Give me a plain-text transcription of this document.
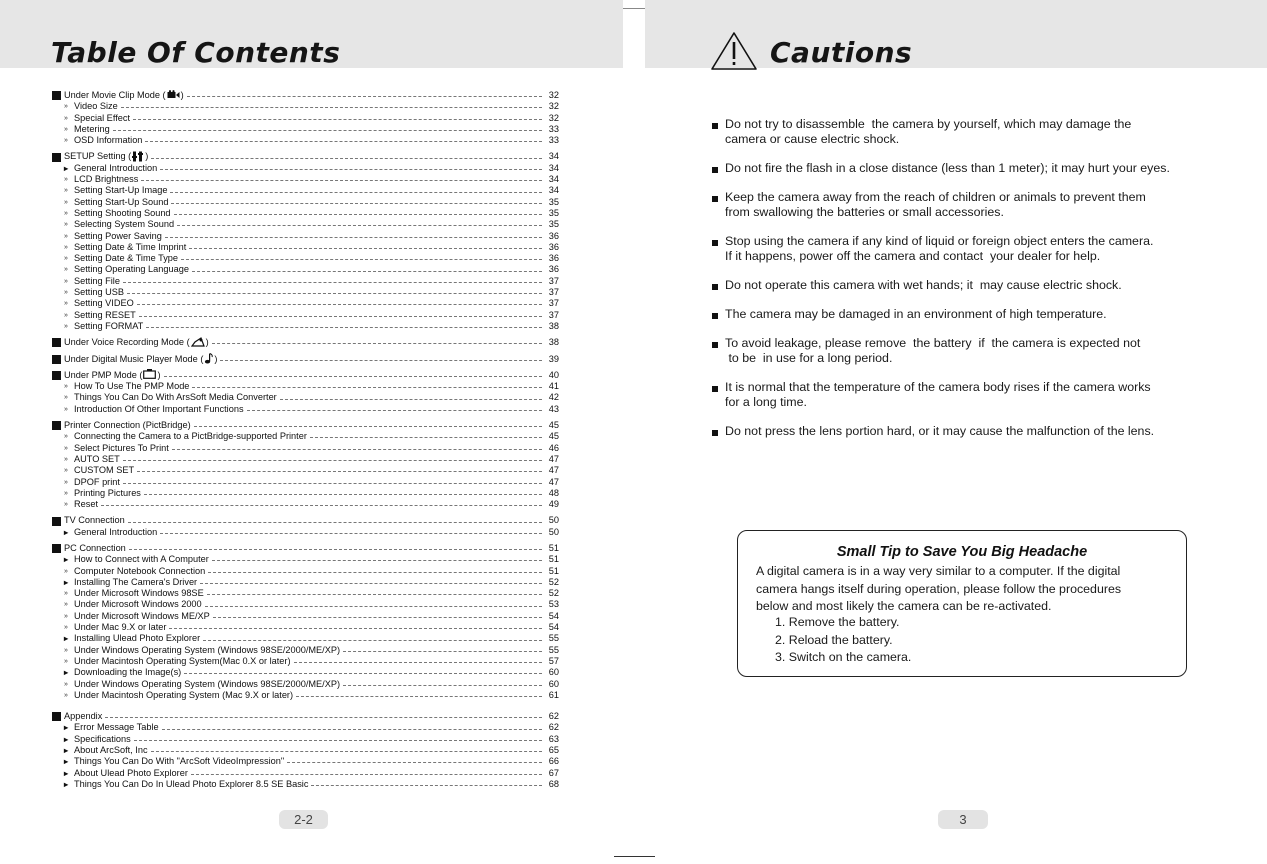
Table Of Contents	Cautions
Under Movie Clip Mode ( )	32
» Video Size	32
» Special Effect	32
» Metering	33
» OSD Information	33
SETUP Setting ( )	34
▸ General Introduction	34
» LCD Brightness	34
» Setting Start-Up Image	34
» Setting Start-Up Sound	35
» Setting Shooting Sound	35
» Selecting System Sound	35
» Setting Power Saving	36
» Setting Date & Time Imprint	36
» Setting Date & Time Type	36
» Setting Operating Language	36
» Setting File	37
» Setting USB	37
» Setting VIDEO	37
» Setting RESET	37
» Setting FORMAT	38
Under Voice Recording Mode ( )	38
Under Digital Music Player Mode ( )	39
Under PMP Mode ( )	40
» How To Use The PMP Mode	41
» Things You Can Do With ArsSoft Media Converter	42
» Introduction Of Other Important Functions	43
Printer Connection (PictBridge)	45
» Connecting the Camera to a PictBridge-supported Printer	45
» Select Pictures To Print	46
» AUTO SET	47
» CUSTOM SET	47
» DPOF print	47
» Printing Pictures	48
» Reset	49
TV Connection	50
▸ General Introduction	50
PC Connection	51
▸ How to Connect with A Computer	51
» Computer Notebook Connection	51
▸ Installing The Camera's Driver	52
» Under Microsoft Windows 98SE	52
» Under Microsoft Windows 2000	53
» Under Microsoft Windows ME/XP	54
» Under Mac 9.X or later	54
▸ Installing Ulead Photo Explorer	55
» Under Windows Operating System (Windows 98SE/2000/ME/XP)	55
» Under Macintosh Operating System(Mac 0.X or later)	57
▸ Downloading the Image(s)	60
» Under Windows Operating System (Windows 98SE/2000/ME/XP)	60
» Under Macintosh Operating System (Mac 9.X or later)	61
Appendix	62
▸ Error Message Table	62
▸ Specifications	63
▸ About ArcSoft, Inc	65
▸ Things You Can Do With "ArcSoft VideoImpression"	66
▸ About Ulead Photo Explorer	67
▸ Things You Can Do In Ulead Photo Explorer 8.5 SE Basic	68
Do not try to disassemble  the camera by yourself, which may damage the
camera or cause electric shock.
Do not fire the flash in a close distance (less than 1 meter); it may hurt your eyes.
Keep the camera away from the reach of children or animals to prevent them
from swallowing the batteries or small accessories.
Stop using the camera if any kind of liquid or foreign object enters the camera.
If it happens, power off the camera and contact  your dealer for help.
Do not operate this camera with wet hands; it  may cause electric shock.
The camera may be damaged in an environment of high temperature.
To avoid leakage, please remove  the battery  if  the camera is expected not
to be  in use for a long period.
It is normal that the temperature of the camera body rises if the camera works
for a long time.
Do not press the lens portion hard, or it may cause the malfunction of the lens.
Small Tip to Save You Big Headache
A digital camera is in a way very similar to a computer. If the digital
camera hangs itself during operation, please follow the procedures
below and most likely the camera can be re-activated.
1. Remove the battery.
2. Reload the battery.
3. Switch on the camera.
2-2	3
